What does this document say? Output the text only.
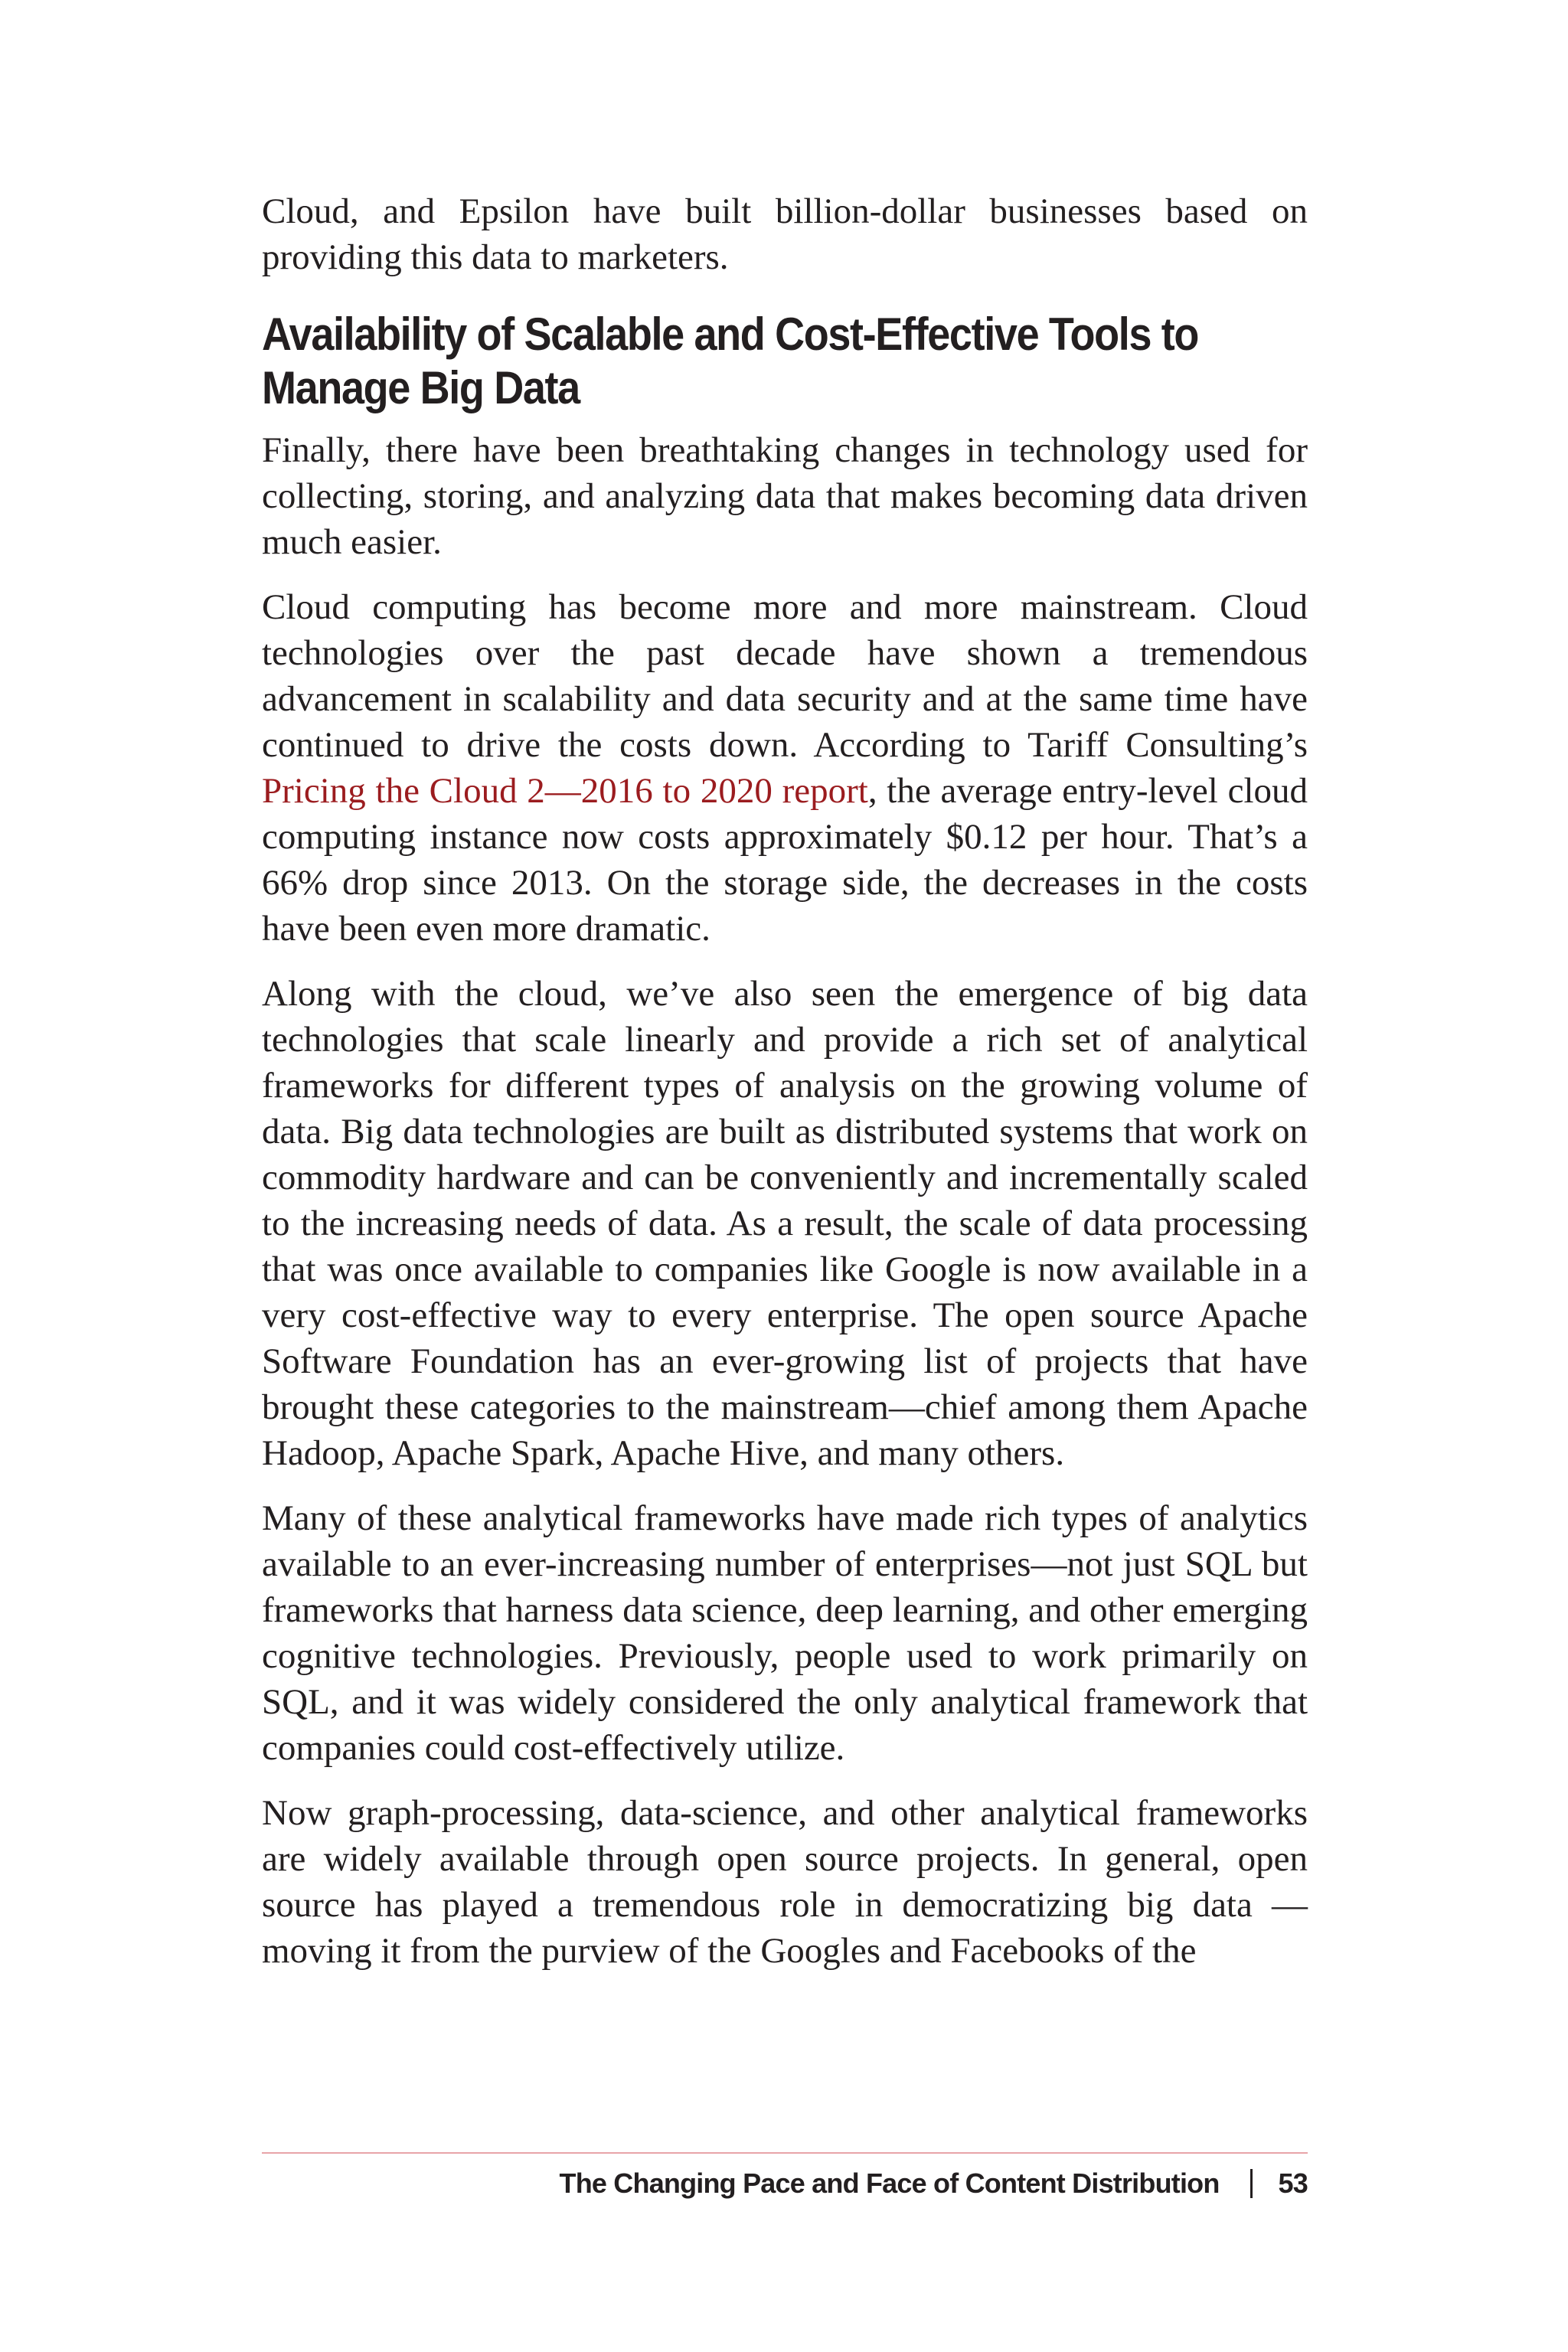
Cloud, and Epsilon have built billion-dollar businesses based on providing this data to marketers.

Availability of Scalable and Cost-Effective Tools to Manage Big Data

Finally, there have been breathtaking changes in technology used for collecting, storing, and analyzing data that makes becoming data driven much easier.

Cloud computing has become more and more mainstream. Cloud technologies over the past decade have shown a tremendous advancement in scalability and data security and at the same time have continued to drive the costs down. According to Tariff Consulting’s Pricing the Cloud 2—2016 to 2020 report, the average entry-level cloud computing instance now costs approximately $0.12 per hour. That’s a 66% drop since 2013. On the storage side, the decreases in the costs have been even more dramatic.

Along with the cloud, we’ve also seen the emergence of big data technologies that scale linearly and provide a rich set of analytical frameworks for different types of analysis on the growing volume of data. Big data technologies are built as distributed systems that work on commodity hardware and can be conveniently and incrementally scaled to the increasing needs of data. As a result, the scale of data processing that was once available to companies like Google is now available in a very cost-effective way to every enterprise. The open source Apache Software Foundation has an ever-growing list of projects that have brought these categories to the mainstream—chief among them Apache Hadoop, Apache Spark, Apache Hive, and many others.

Many of these analytical frameworks have made rich types of analytics available to an ever-increasing number of enterprises—not just SQL but frameworks that harness data science, deep learning, and other emerging cognitive technologies. Previously, people used to work primarily on SQL, and it was widely considered the only analytical framework that companies could cost-effectively utilize.

Now graph-processing, data-science, and other analytical frameworks are widely available through open source projects. In general, open source has played a tremendous role in democratizing big data —moving it from the purview of the Googles and Facebooks of the

The Changing Pace and Face of Content Distribution 53
